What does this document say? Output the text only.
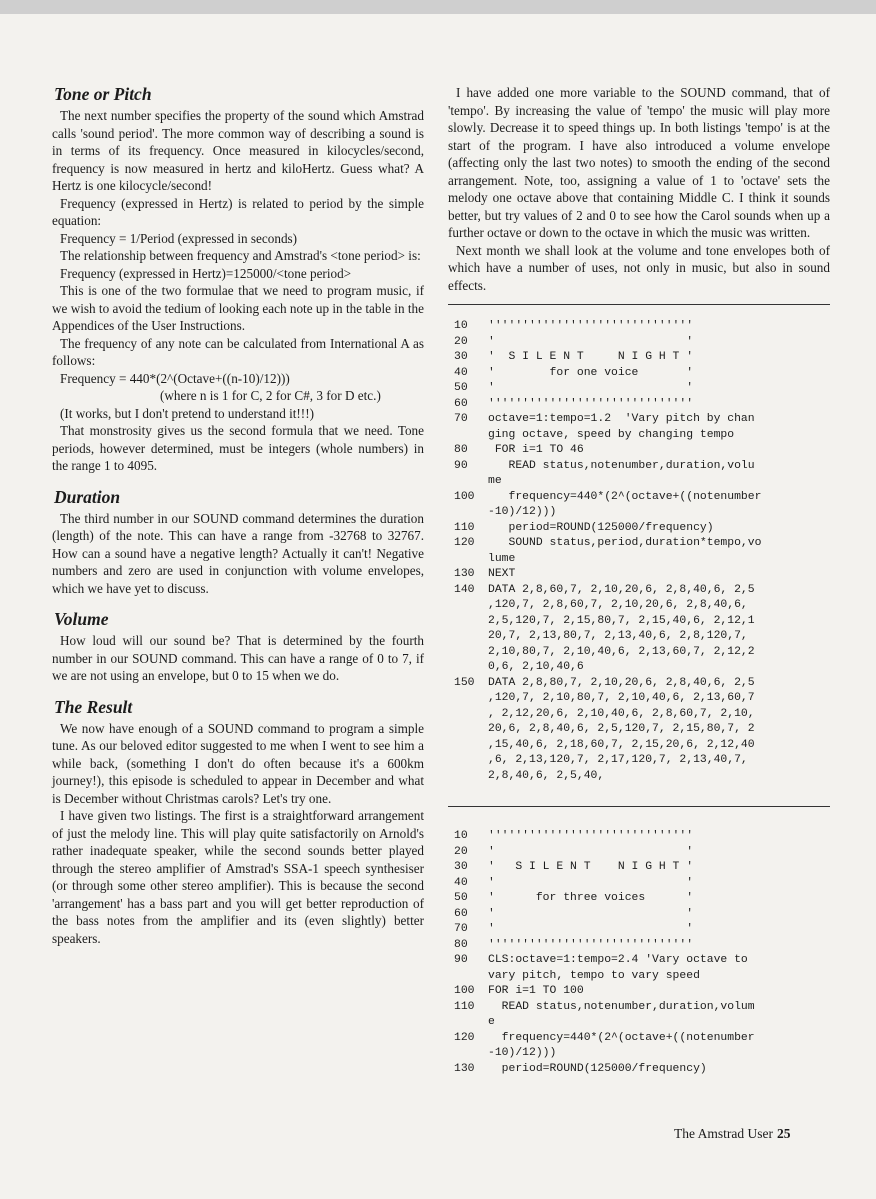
Tone or Pitch

The next number specifies the property of the sound which Amstrad calls 'sound period'. The more common way of describing a sound is in terms of its frequency. Once measured in kilocycles/second, frequency is now measured in hertz and kiloHertz. Guess what? A Hertz is one kilocycle/second!

Frequency (expressed in Hertz) is related to period by the simple equation:

Frequency = 1/Period (expressed in seconds)

The relationship between frequency and Amstrad's <tone period> is:

Frequency (expressed in Hertz)=125000/<tone period>

This is one of the two formulae that we need to program music, if we wish to avoid the tedium of looking each note up in the table in the Appendices of the User Instructions.

The frequency of any note can be calculated from International A as follows:

Frequency = 440*(2^(Octave+((n-10)/12)))
(where n is 1 for C, 2 for C#, 3 for D etc.)
(It works, but I don't pretend to understand it!!!)

That monstrosity gives us the second formula that we need. Tone periods, however determined, must be integers (whole numbers) in the range 1 to 4095.

Duration

The third number in our SOUND command determines the duration (length) of the note. This can have a range from -32768 to 32767. How can a sound have a negative length? Actually it can't! Negative numbers and zero are used in conjunction with volume envelopes, which we have yet to discuss.

Volume

How loud will our sound be? That is determined by the fourth number in our SOUND command. This can have a range of 0 to 7, if we are not using an envelope, but 0 to 15 when we do.

The Result

We now have enough of a SOUND command to program a simple tune. As our beloved editor suggested to me when I went to see him a while back, (something I don't do often because it's a 600km journey!), this episode is scheduled to appear in December and what is December without Christmas carols? Let's try one.

I have given two listings. The first is a straightforward arrangement of just the melody line. This will play quite satisfactorily on Arnold's rather inadequate speaker, while the second sounds better played through the stereo amplifier of Amstrad's SSA-1 speech synthesiser (or through some other stereo amplifier). This is because the second 'arrangement' has a bass part and you will get better reproduction of the bass notes from the amplifier and its (even slightly) better speakers.

I have added one more variable to the SOUND command, that of 'tempo'. By increasing the value of 'tempo' the music will play more slowly. Decrease it to speed things up. In both listings 'tempo' is at the start of the program. I have also introduced a volume envelope (affecting only the last two notes) to smooth the ending of the second arrangement. Note, too, assigning a value of 1 to 'octave' sets the melody one octave above that containing Middle C. I think it sounds better, but try values of 2 and 0 to see how the Carol sounds when up a further octave or down to the octave in which the music was written.

Next month we shall look at the volume and tone envelopes both of which have a number of uses, not only in music, but also in sound effects.

10	''''''''''''''''''''''''''''''
20	'                            '
30	'  S I L E N T     N I G H T '
40	'        for one voice       '
50	'                            '
60	''''''''''''''''''''''''''''''
70	octave=1:tempo=1.2  'Vary pitch by chan
ging octave, speed by changing tempo
80	FOR i=1 TO 46
90	READ status,notenumber,duration,volu
me
100	frequency=440*(2^(octave+((notenumber
-10)/12)))
110	period=ROUND(125000/frequency)
120	SOUND status,period,duration*tempo,vo
lume
130	NEXT
140	DATA 2,8,60,7, 2,10,20,6, 2,8,40,6, 2,5
,120,7, 2,8,60,7, 2,10,20,6, 2,8,40,6,
2,5,120,7, 2,15,80,7, 2,15,40,6, 2,12,1
20,7, 2,13,80,7, 2,13,40,6, 2,8,120,7,
2,10,80,7, 2,10,40,6, 2,13,60,7, 2,12,2
0,6, 2,10,40,6
150	DATA 2,8,80,7, 2,10,20,6, 2,8,40,6, 2,5
,120,7, 2,10,80,7, 2,10,40,6, 2,13,60,7
, 2,12,20,6, 2,10,40,6, 2,8,60,7, 2,10,
20,6, 2,8,40,6, 2,5,120,7, 2,15,80,7, 2
,15,40,6, 2,18,60,7, 2,15,20,6, 2,12,40
,6, 2,13,120,7, 2,17,120,7, 2,13,40,7,
2,8,40,6, 2,5,40,
10	''''''''''''''''''''''''''''''
20	'                            '
30	'   S I L E N T    N I G H T '
40	'                            '
50	'      for three voices      '
60	'                            '
70	'                            '
80	''''''''''''''''''''''''''''''
90	CLS:octave=1:tempo=2.4 'Vary octave to
vary pitch, tempo to vary speed
100	FOR i=1 TO 100
110	READ status,notenumber,duration,volum
e
120	frequency=440*(2^(octave+((notenumber
-10)/12)))
130	period=ROUND(125000/frequency)
The Amstrad User 25
